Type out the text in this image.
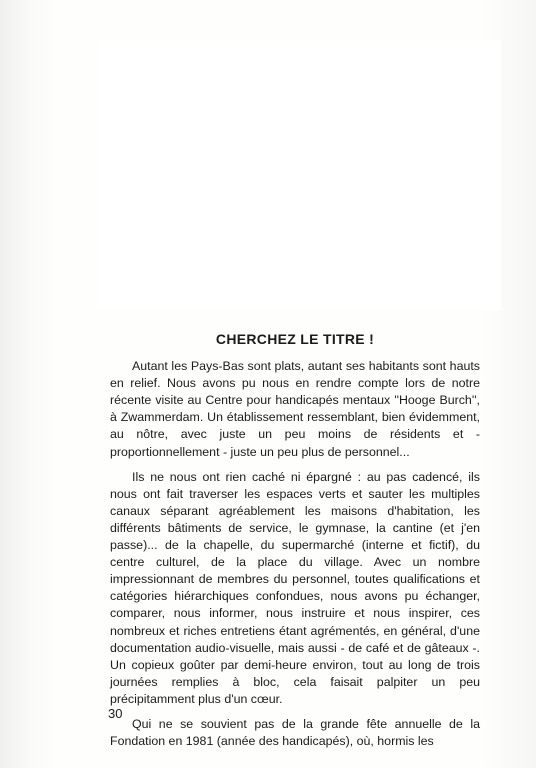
CHERCHEZ LE TITRE !

Autant les Pays-Bas sont plats, autant ses habitants sont hauts en relief. Nous avons pu nous en rendre compte lors de notre récente visite au Centre pour handicapés mentaux ''Hooge Burch'', à Zwammerdam. Un établissement ressemblant, bien évidemment, au nôtre, avec juste un peu moins de résidents et - proportionnellement - juste un peu plus de personnel...

Ils ne nous ont rien caché ni épargné : au pas cadencé, ils nous ont fait traverser les espaces verts et sauter les multiples canaux séparant agréablement les maisons d'habitation, les différents bâtiments de service, le gymnase, la cantine (et j'en passe)... de la chapelle, du supermarché (interne et fictif), du centre culturel, de la place du village. Avec un nombre impressionnant de membres du personnel, toutes qualifications et catégories hiérarchiques confondues, nous avons pu échanger, comparer, nous informer, nous instruire et nous inspirer, ces nombreux et riches entretiens étant agrémentés, en général, d'une documentation audio-visuelle, mais aussi - de café et de gâteaux -. Un copieux goûter par demi-heure environ, tout au long de trois journées remplies à bloc, cela faisait palpiter un peu précipitamment plus d'un cœur.

Qui ne se souvient pas de la grande fête annuelle de la Fondation en 1981 (année des handicapés), où, hormis les

30
